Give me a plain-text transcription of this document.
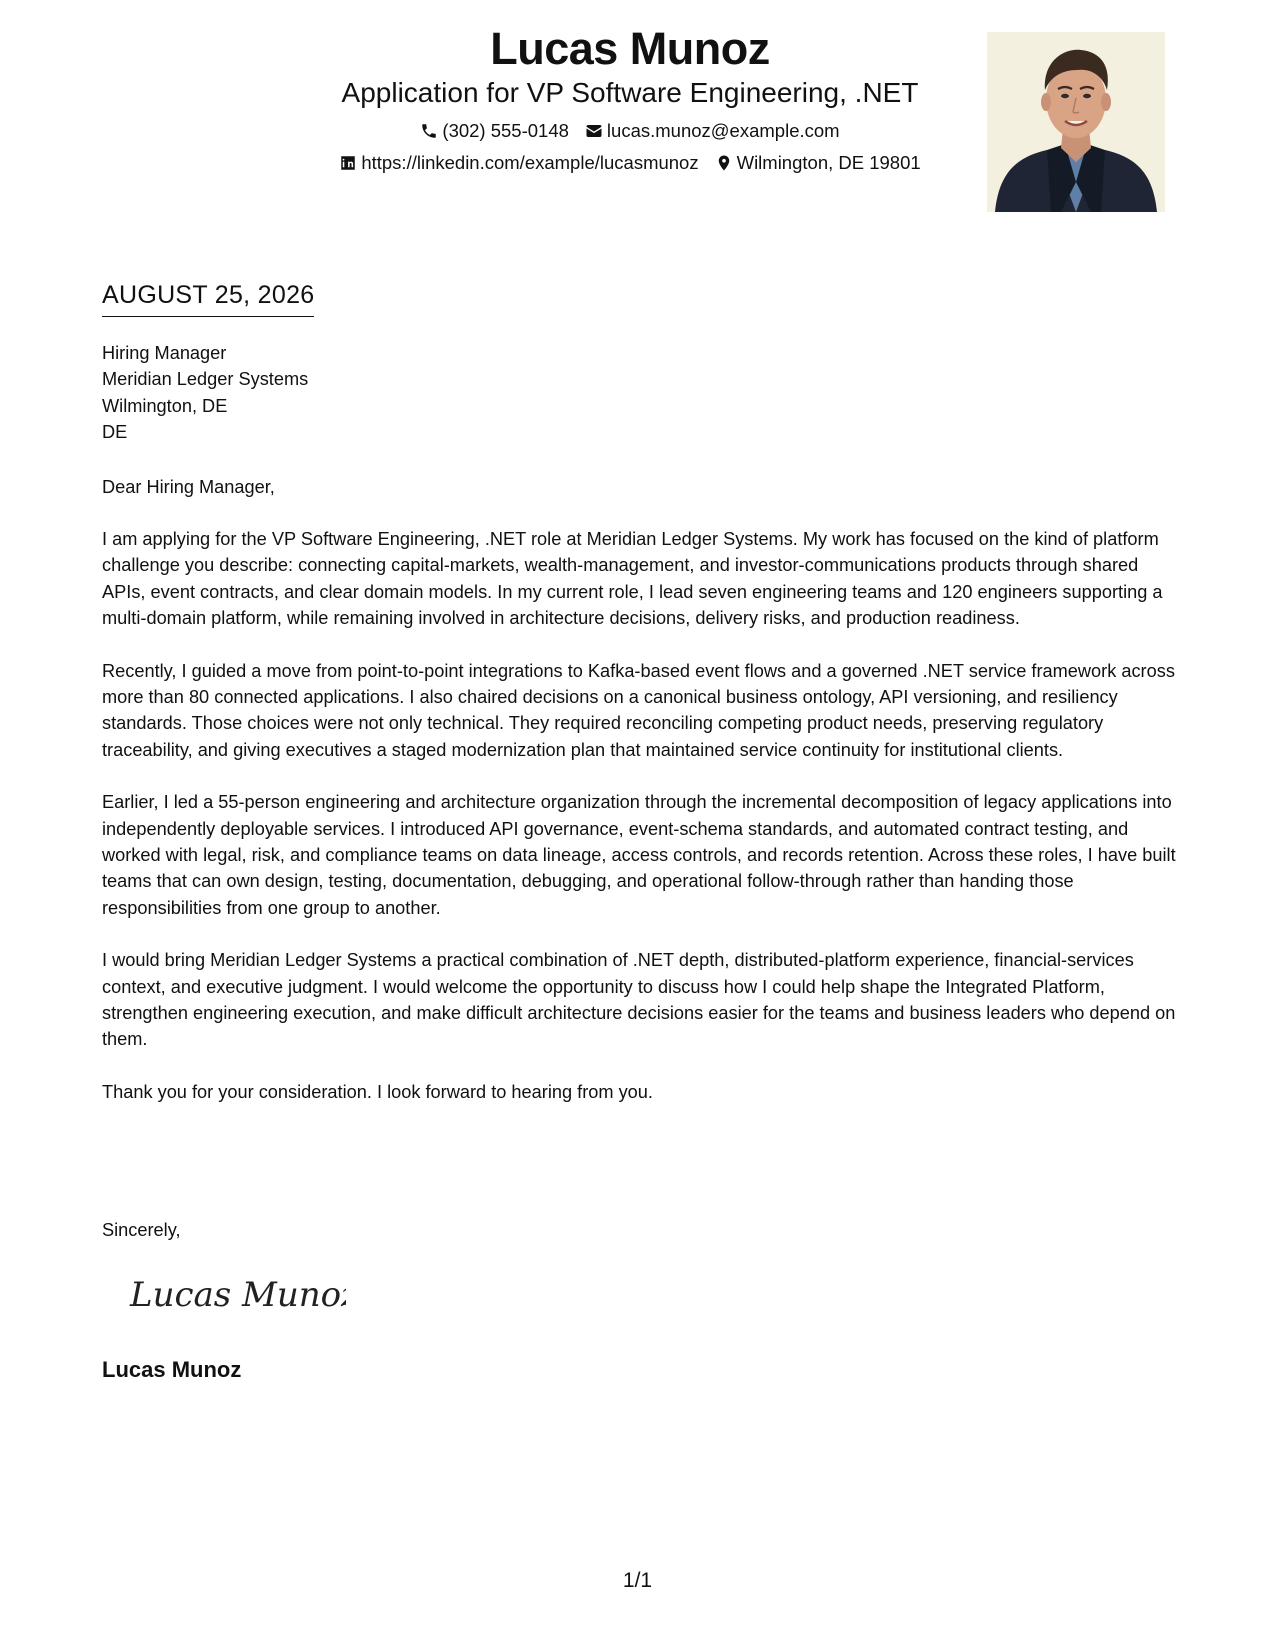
Lucas Munoz
Application for VP Software Engineering, .NET
(302) 555-0148 lucas.munoz@example.com
https://linkedin.com/example/lucasmunoz Wilmington, DE 19801
AUGUST 25, 2026
Hiring Manager
Meridian Ledger Systems
Wilmington, DE
DE
Dear Hiring Manager,

I am applying for the VP Software Engineering, .NET role at Meridian Ledger Systems. My work has focused on the kind of platform challenge you describe: connecting capital-markets, wealth-management, and investor-communications products through shared APIs, event contracts, and clear domain models. In my current role, I lead seven engineering teams and 120 engineers supporting a multi-domain platform, while remaining involved in architecture decisions, delivery risks, and production readiness.

Recently, I guided a move from point-to-point integrations to Kafka-based event flows and a governed .NET service framework across more than 80 connected applications. I also chaired decisions on a canonical business ontology, API versioning, and resiliency standards. Those choices were not only technical. They required reconciling competing product needs, preserving regulatory traceability, and giving executives a staged modernization plan that maintained service continuity for institutional clients.

Earlier, I led a 55-person engineering and architecture organization through the incremental decomposition of legacy applications into independently deployable services. I introduced API governance, event-schema standards, and automated contract testing, and worked with legal, risk, and compliance teams on data lineage, access controls, and records retention. Across these roles, I have built teams that can own design, testing, documentation, debugging, and operational follow-through rather than handing those responsibilities from one group to another.

I would bring Meridian Ledger Systems a practical combination of .NET depth, distributed-platform experience, financial-services context, and executive judgment. I would welcome the opportunity to discuss how I could help shape the Integrated Platform, strengthen engineering execution, and make difficult architecture decisions easier for the teams and business leaders who depend on them.

Thank you for your consideration. I look forward to hearing from you.

Sincerely,
Lucas Munoz
Lucas Munoz
1/1
